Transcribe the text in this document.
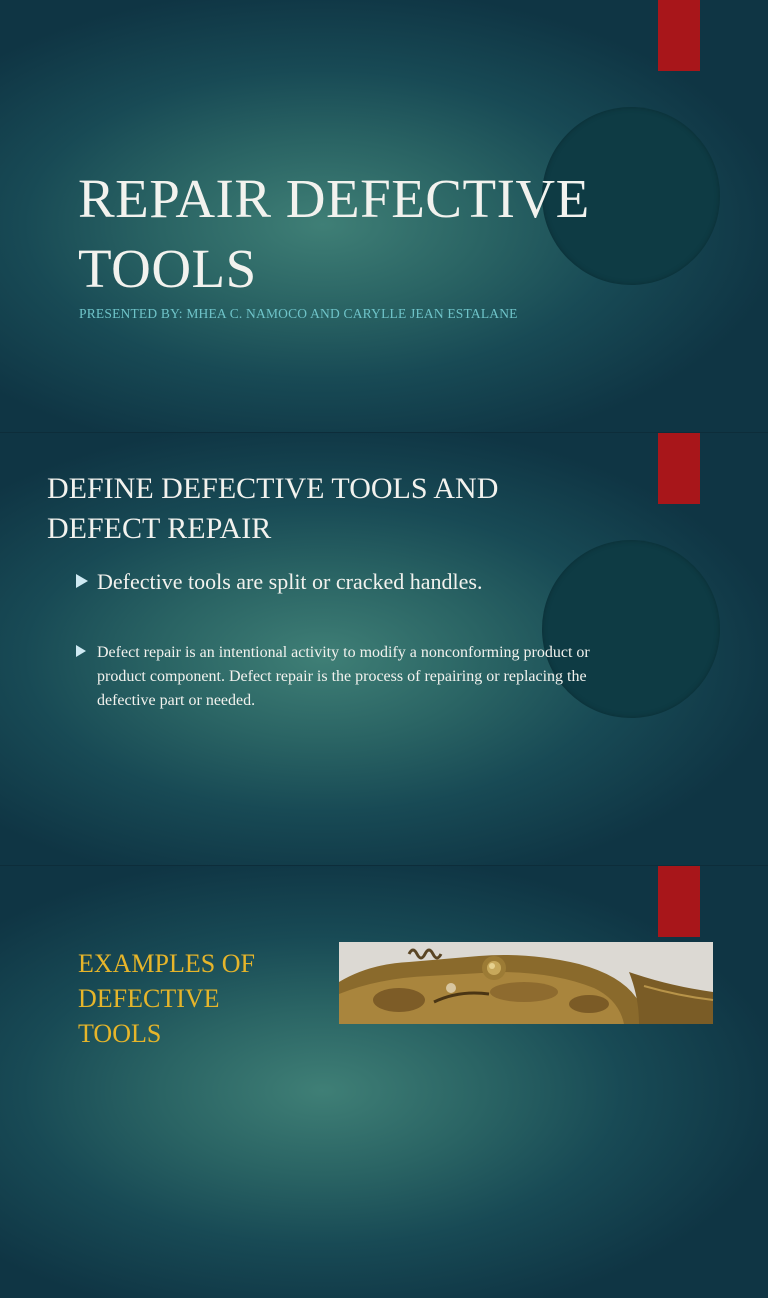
REPAIR DEFECTIVE TOOLS
PRESENTED BY: MHEA C. NAMOCO AND CARYLLE JEAN ESTALANE
DEFINE DEFECTIVE TOOLS AND DEFECT REPAIR
Defective tools are split or cracked handles.
Defect repair is an intentional activity to modify a nonconforming product or product component. Defect repair is the process of repairing or replacing the defective part or needed.
EXAMPLES OF DEFECTIVE TOOLS
